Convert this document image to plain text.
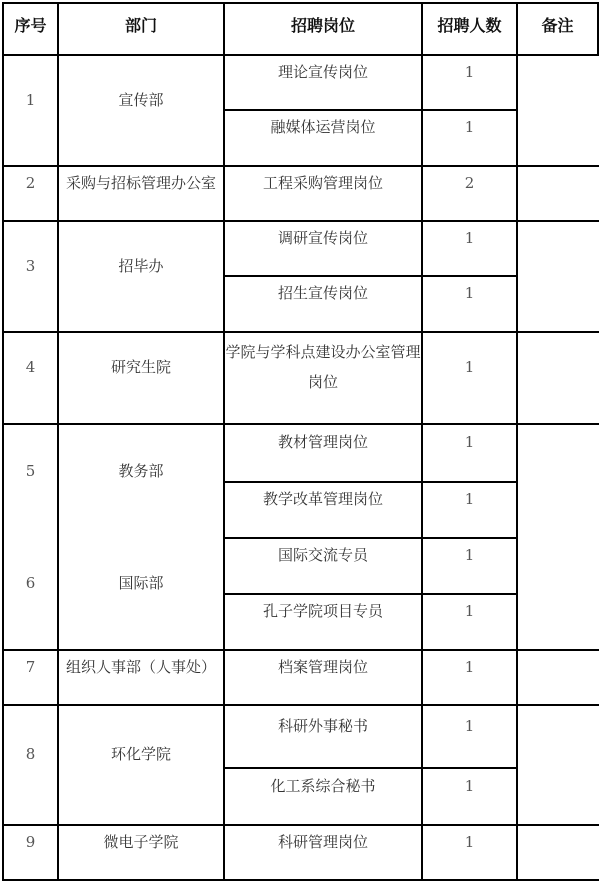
序号	部门	招聘岗位	招聘人数	备注
1	宣传部	理论宣传岗位	1	
		融媒体运营岗位	1	
2	采购与招标管理办公室	工程采购管理岗位	2	
3	招毕办	调研宣传岗位	1	
		招生宣传岗位	1	
4	研究生院	学院与学科点建设办公室管理岗位	1	
5	教务部	教材管理岗位	1	
		教学改革管理岗位	1	
6	国际部	国际交流专员	1	
		孔子学院项目专员	1	
7	组织人事部（人事处）	档案管理岗位	1	
8	环化学院	科研外事秘书	1	
		化工系综合秘书	1	
9	微电子学院	科研管理岗位	1	
